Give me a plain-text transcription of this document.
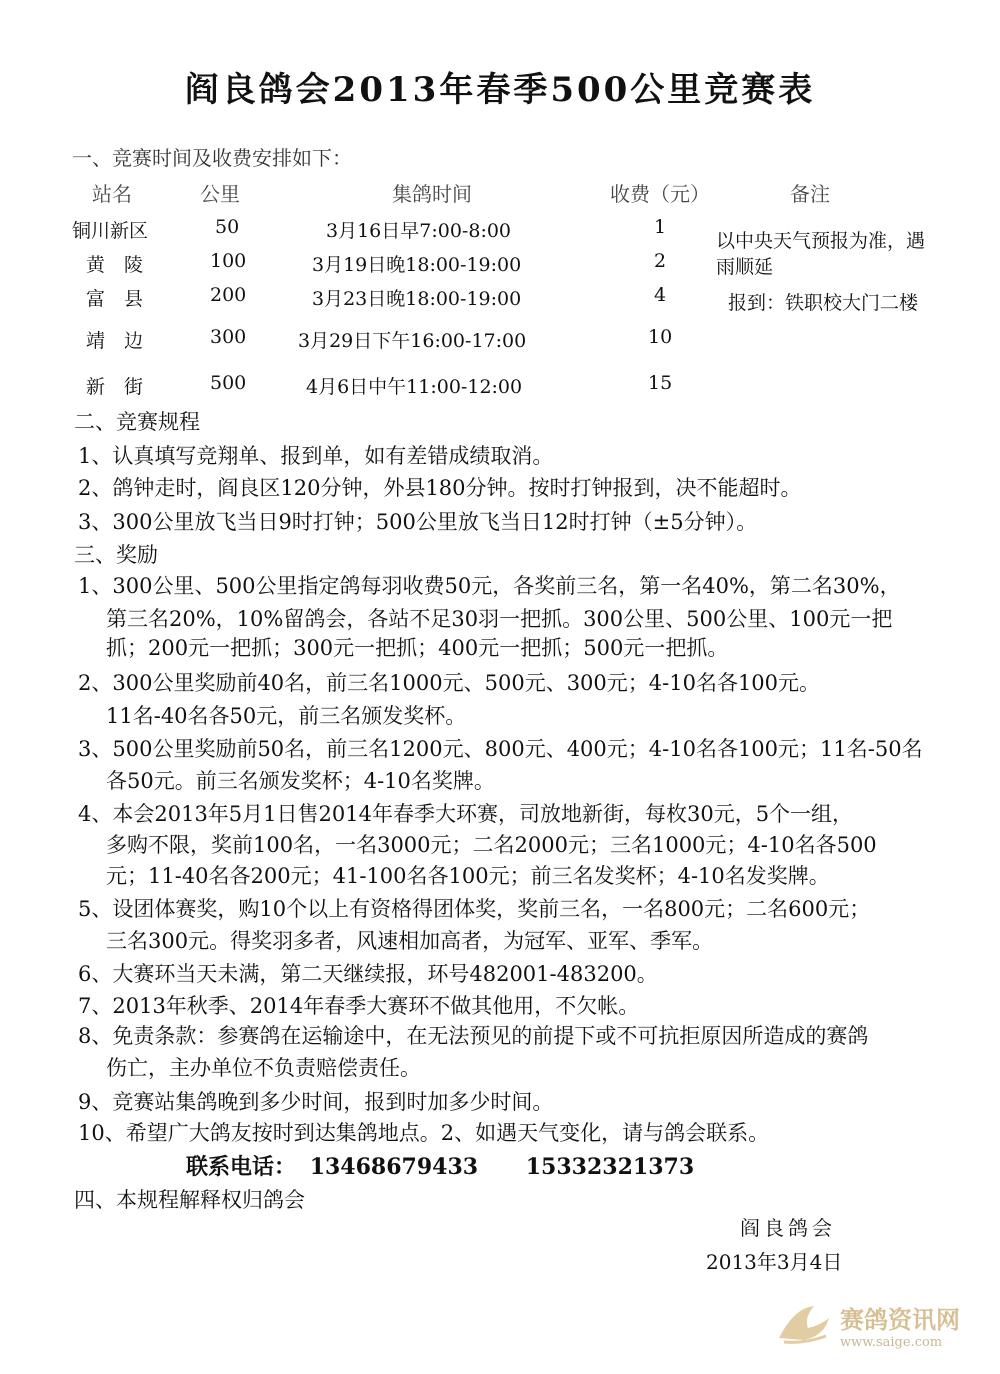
阎良鸽会2013年春季500公里竞赛表
一、竞赛时间及收费安排如下：
站名	公里	集鸽时间	收费（元）	备注
铜川新区	50	3月16日早7:00-8:00	1
黄　陵	100	3月19日晚18:00-19:00	2
富　县	200	3月23日晚18:00-19:00	4
靖　边	300	3月29日下午16:00-17:00	10
新　街	500	4月6日中午11:00-12:00	15
以中央天气预报为准，遇雨顺延
报到：铁职校大门二楼
二、竞赛规程
1、认真填写竞翔单、报到单，如有差错成绩取消。
2、鸽钟走时，阎良区120分钟，外县180分钟。按时打钟报到，决不能超时。
3、300公里放飞当日9时打钟；500公里放飞当日12时打钟（±5分钟）。
三、奖励
1、300公里、500公里指定鸽每羽收费50元，各奖前三名，第一名40%，第二名30%，
第三名20%，10%留鸽会，各站不足30羽一把抓。300公里、500公里、100元一把
抓；200元一把抓；300元一把抓；400元一把抓；500元一把抓。
2、300公里奖励前40名，前三名1000元、500元、300元；4-10名各100元。
11名-40名各50元，前三名颁发奖杯。
3、500公里奖励前50名，前三名1200元、800元、400元；4-10名各100元；11名-50名
各50元。前三名颁发奖杯；4-10名奖牌。
4、本会2013年5月1日售2014年春季大环赛，司放地新街，每枚30元，5个一组，
多购不限，奖前100名，一名3000元；二名2000元；三名1000元；4-10名各500
元；11-40名各200元；41-100名各100元；前三名发奖杯；4-10名发奖牌。
5、设团体赛奖，购10个以上有资格得团体奖，奖前三名，一名800元；二名600元；
三名300元。得奖羽多者，风速相加高者，为冠军、亚军、季军。
6、大赛环当天未满，第二天继续报，环号482001-483200。
7、2013年秋季、2014年春季大赛环不做其他用，不欠帐。
8、免责条款：参赛鸽在运输途中，在无法预见的前提下或不可抗拒原因所造成的赛鸽
伤亡，主办单位不负责赔偿责任。
9、竞赛站集鸽晚到多少时间，报到时加多少时间。
10、希望广大鸽友按时到达集鸽地点。2、如遇天气变化，请与鸽会联系。
联系电话： 13468679433 15332321373
四、本规程解释权归鸽会
阎良鸽会
2013年3月4日
赛鸽资讯网
www.saige.com
